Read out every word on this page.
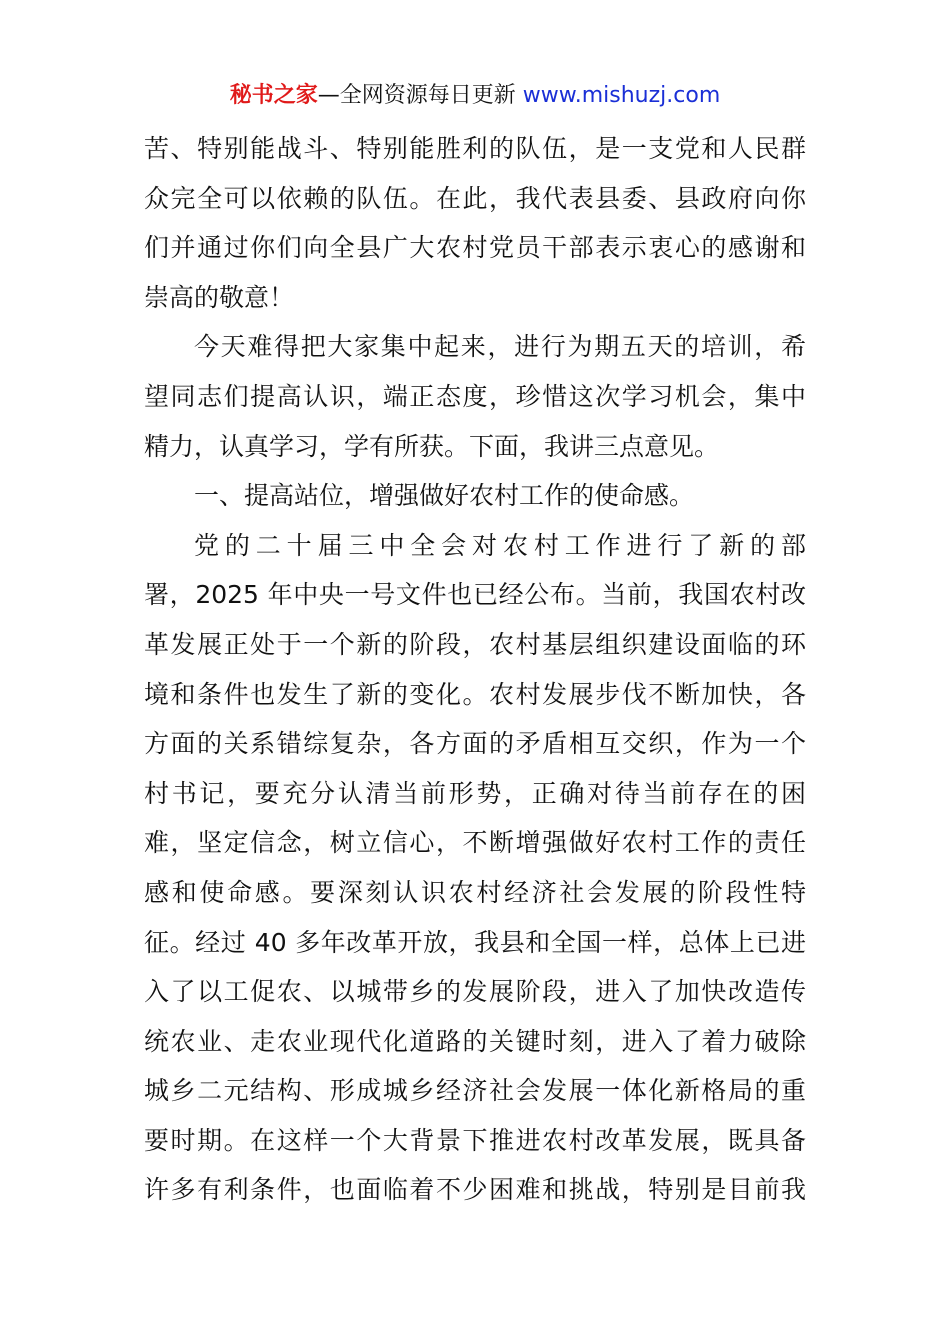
秘书之家—全网资源每日更新 www.mishuzj.com
苦、特别能战斗、特别能胜利的队伍，是一支党和人民群
众完全可以依赖的队伍。在此，我代表县委、县政府向你
们并通过你们向全县广大农村党员干部表示衷心的感谢和
崇高的敬意！
今天难得把大家集中起来，进行为期五天的培训，希
望同志们提高认识，端正态度，珍惜这次学习机会，集中
精力，认真学习，学有所获。下面，我讲三点意见。
一、提高站位，增强做好农村工作的使命感。
党的二十届三中全会对农村工作进行了新的部
署，2025 年中央一号文件也已经公布。当前，我国农村改
革发展正处于一个新的阶段，农村基层组织建设面临的环
境和条件也发生了新的变化。农村发展步伐不断加快，各
方面的关系错综复杂，各方面的矛盾相互交织，作为一个
村书记，要充分认清当前形势，正确对待当前存在的困
难，坚定信念，树立信心，不断增强做好农村工作的责任
感和使命感。要深刻认识农村经济社会发展的阶段性特
征。经过 40 多年改革开放，我县和全国一样，总体上已进
入了以工促农、以城带乡的发展阶段，进入了加快改造传
统农业、走农业现代化道路的关键时刻，进入了着力破除
城乡二元结构、形成城乡经济社会发展一体化新格局的重
要时期。在这样一个大背景下推进农村改革发展，既具备
许多有利条件，也面临着不少困难和挑战，特别是目前我
